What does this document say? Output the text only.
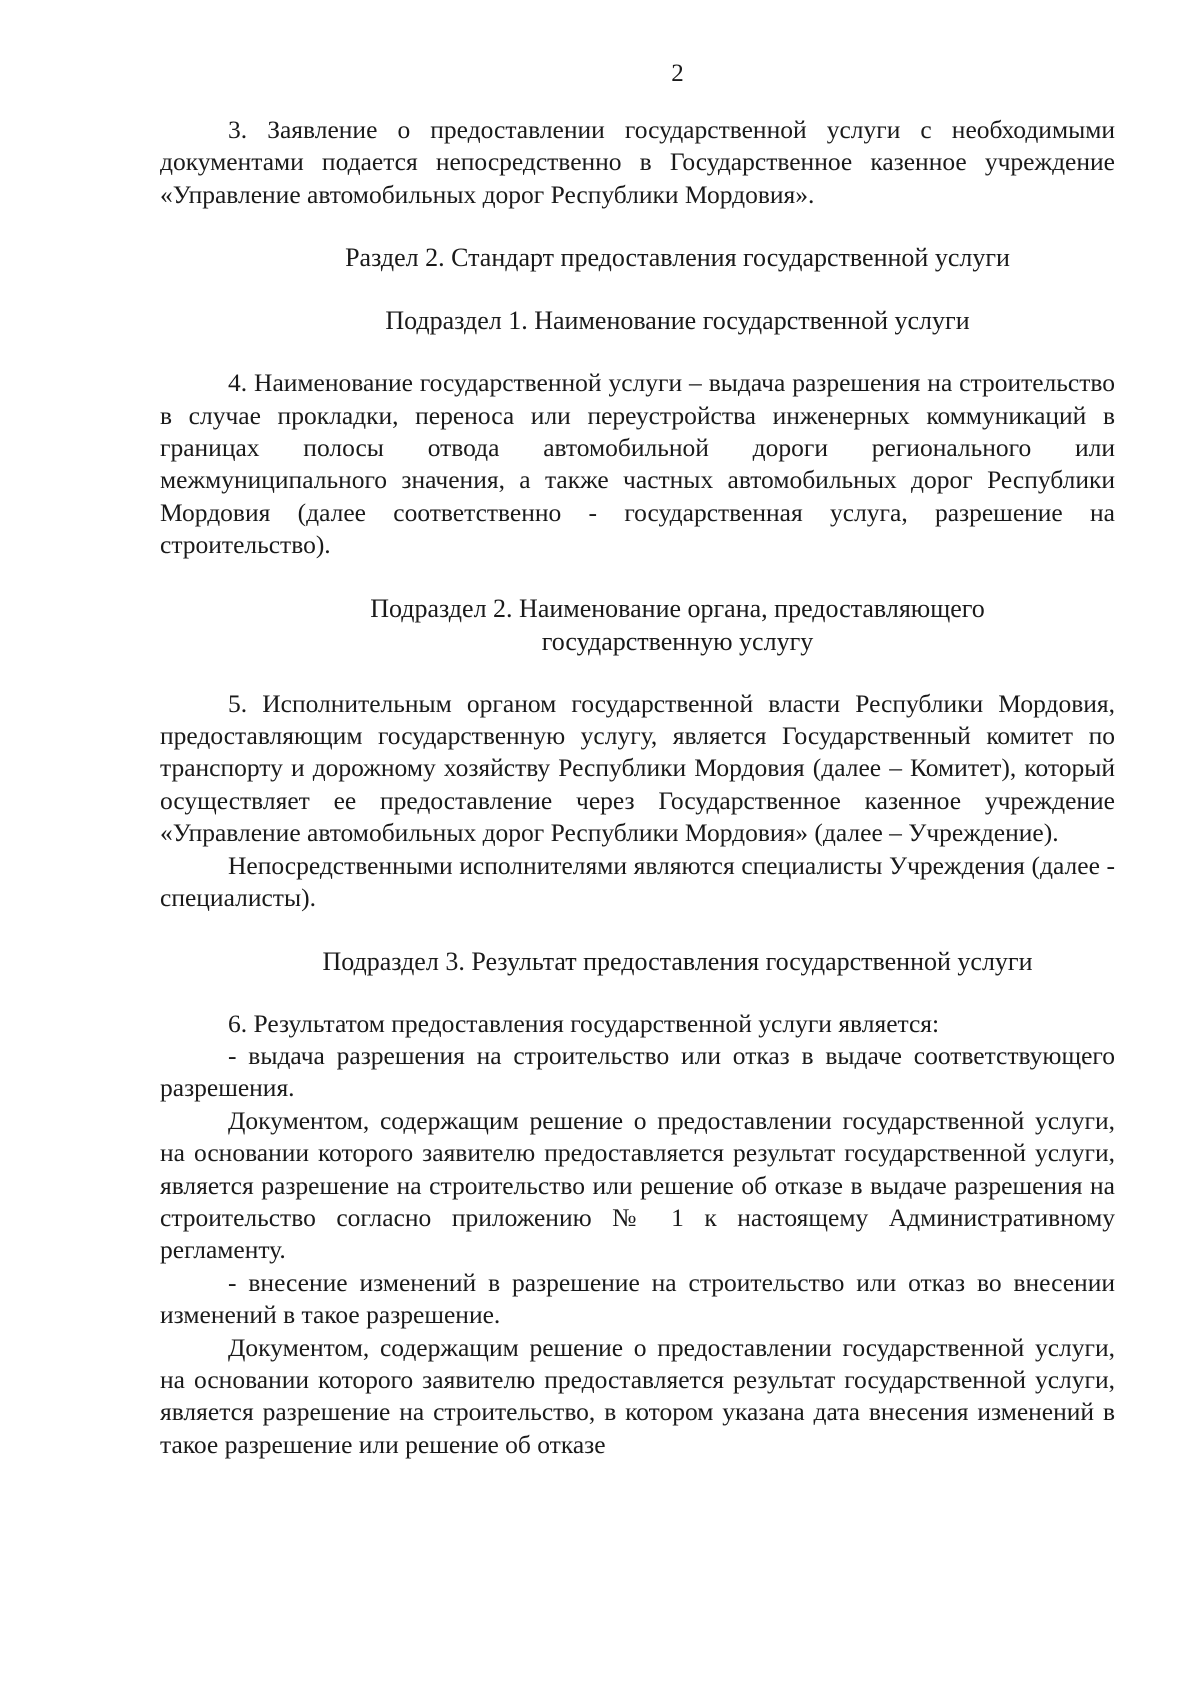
2

3. Заявление о предоставлении государственной услуги с необходимыми документами подается непосредственно в Государственное казенное учреждение «Управление автомобильных дорог Республики Мордовия».

Раздел 2. Стандарт предоставления государственной услуги
Подраздел 1. Наименование государственной услуги

4. Наименование государственной услуги – выдача разрешения на строительство в случае прокладки, переноса или переустройства инженерных коммуникаций в границах полосы отвода автомобильной дороги регионального или межмуниципального значения, а также частных автомобильных дорог Республики Мордовия (далее соответственно - государственная услуга, разрешение на строительство).

Подраздел 2. Наименование органа, предоставляющего
государственную услугу

5. Исполнительным органом государственной власти Республики Мордовия, предоставляющим государственную услугу, является Государственный комитет по транспорту и дорожному хозяйству Республики Мордовия (далее – Комитет), который осуществляет ее предоставление через Государственное казенное учреждение «Управление автомобильных дорог Республики Мордовия» (далее – Учреждение).

Непосредственными исполнителями являются специалисты Учреждения (далее - специалисты).

Подраздел 3. Результат предоставления государственной услуги

6. Результатом предоставления государственной услуги является:

- выдача разрешения на строительство или отказ в выдаче соответствующего разрешения.

Документом, содержащим решение о предоставлении государственной услуги, на основании которого заявителю предоставляется результат государственной услуги, является разрешение на строительство или решение об отказе в выдаче разрешения на строительство согласно приложению № 1 к настоящему Административному регламенту.

- внесение изменений в разрешение на строительство или отказ во внесении изменений в такое разрешение.

Документом, содержащим решение о предоставлении государственной услуги, на основании которого заявителю предоставляется результат государственной услуги, является разрешение на строительство, в котором указана дата внесения изменений в такое разрешение или решение об отказе
